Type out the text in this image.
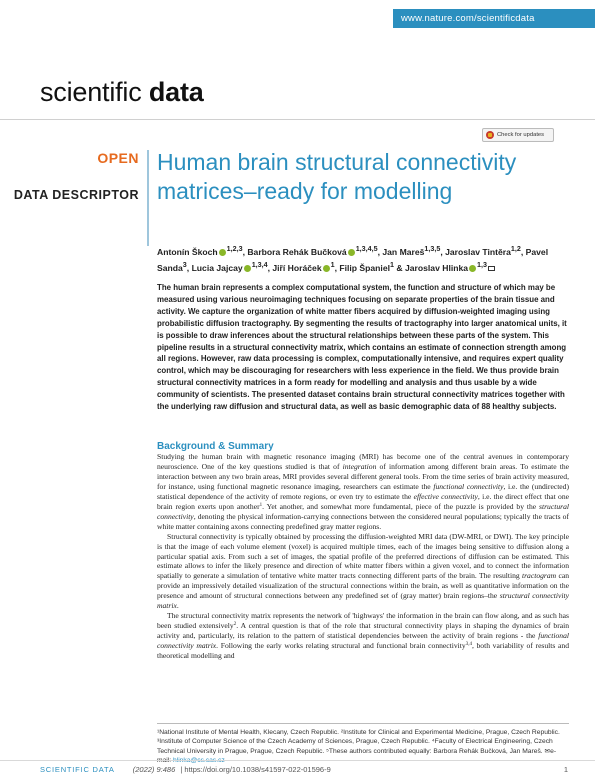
www.nature.com/scientificdata
scientific data
Check for updates
OPEN
DATA DESCRIPTOR
Human brain structural connectivity matrices–ready for modelling
Antonín Škoch $^{1,2,3}$, Barbora Rehák Bučková $^{1,3,4,5}$, Jan Mareš$^{1,3,5}$, Jaroslav Tintěra$^{1,2}$, Pavel Sanda$^3$, Lucia Jajcay $^{1,3,4}$, Jiří Horáček $^1$, Filip Španiel$^1$ & Jaroslav Hlinka $^{1,3}$

The human brain represents a complex computational system, the function and structure of which may be measured using various neuroimaging techniques focusing on separate properties of the brain tissue and activity. We capture the organization of white matter fibers acquired by diffusion-weighted imaging using probabilistic diffusion tractography. By segmenting the results of tractography into larger anatomical units, it is possible to draw inferences about the structural relationships between these parts of the system. This pipeline results in a structural connectivity matrix, which contains an estimate of connection strength among all regions. However, raw data processing is complex, computationally intensive, and requires expert quality control, which may be discouraging for researchers with less experience in the field. We thus provide brain structural connectivity matrices in a form ready for modelling and analysis and thus usable by a wide community of scientists. The presented dataset contains brain structural connectivity matrices together with the underlying raw diffusion and structural data, as well as basic demographic data of 88 healthy subjects.

Background & Summary

Studying the human brain with magnetic resonance imaging (MRI) has become one of the central avenues in contemporary neuroscience. One of the key questions studied is that of integration of information among different brain areas. To estimate the interaction between any two brain areas, MRI provides several different general tools. From the time series of brain activity measured, for instance, using functional magnetic resonance imaging, researchers can estimate the functional connectivity, i.e. the (undirected) statistical dependence of the activity of remote regions, or even try to estimate the effective connectivity, i.e. the direct effect that one brain region exerts upon another$^1$. Yet another, and somewhat more fundamental, piece of the puzzle is provided by the structural connectivity, denoting the physical information-carrying connections between the considered neural populations; typically the tracts of white matter containing axons connecting predefined gray matter regions.

Structural connectivity is typically obtained by processing the diffusion-weighted MRI data (DW-MRI, or DWI). The key principle is that the image of each volume element (voxel) is acquired multiple times, each of the images being sensitive to diffusion along a particular spatial axis. From such a set of images, the spatial profile of the preferred directions of diffusion can be estimated. This estimate allows to infer the likely presence and direction of white matter fibers within a given voxel, and to connect the information spatially to generate a simulation of tentative white matter tracts connecting different parts of the brain. The resulting tractogram can provide an impressively detailed visualization of the structural connections within the brain, as well as quantitative information on the presence and amount of structural connections between any predefined set of (gray matter) brain regions–the structural connectivity matrix.

The structural connectivity matrix represents the network of 'highways' the information in the brain can flow along, and as such has been studied extensively$^2$. A central question is that of the role that structural connectivity plays in shaping the dynamics of brain activity and, particularly, its relation to the pattern of statistical dependencies between the activity of brain regions - the functional connectivity matrix. Following the early works relating structural and functional brain connectivity$^{3,4}$, both variability of results and theoretical modelling and

¹National Institute of Mental Health, Klecany, Czech Republic. ²Institute for Clinical and Experimental Medicine, Prague, Czech Republic. ³Institute of Computer Science of the Czech Academy of Sciences, Prague, Czech Republic. ⁴Faculty of Electrical Engineering, Czech Technical University in Prague, Prague, Czech Republic. ⁵These authors contributed equally: Barbora Rehák Bučková, Jan Mareš. ✉e-

SCIENTIFIC DATA (2022) 9:486 | https://doi.org/10.1038/s41597-022-01596-9	1
